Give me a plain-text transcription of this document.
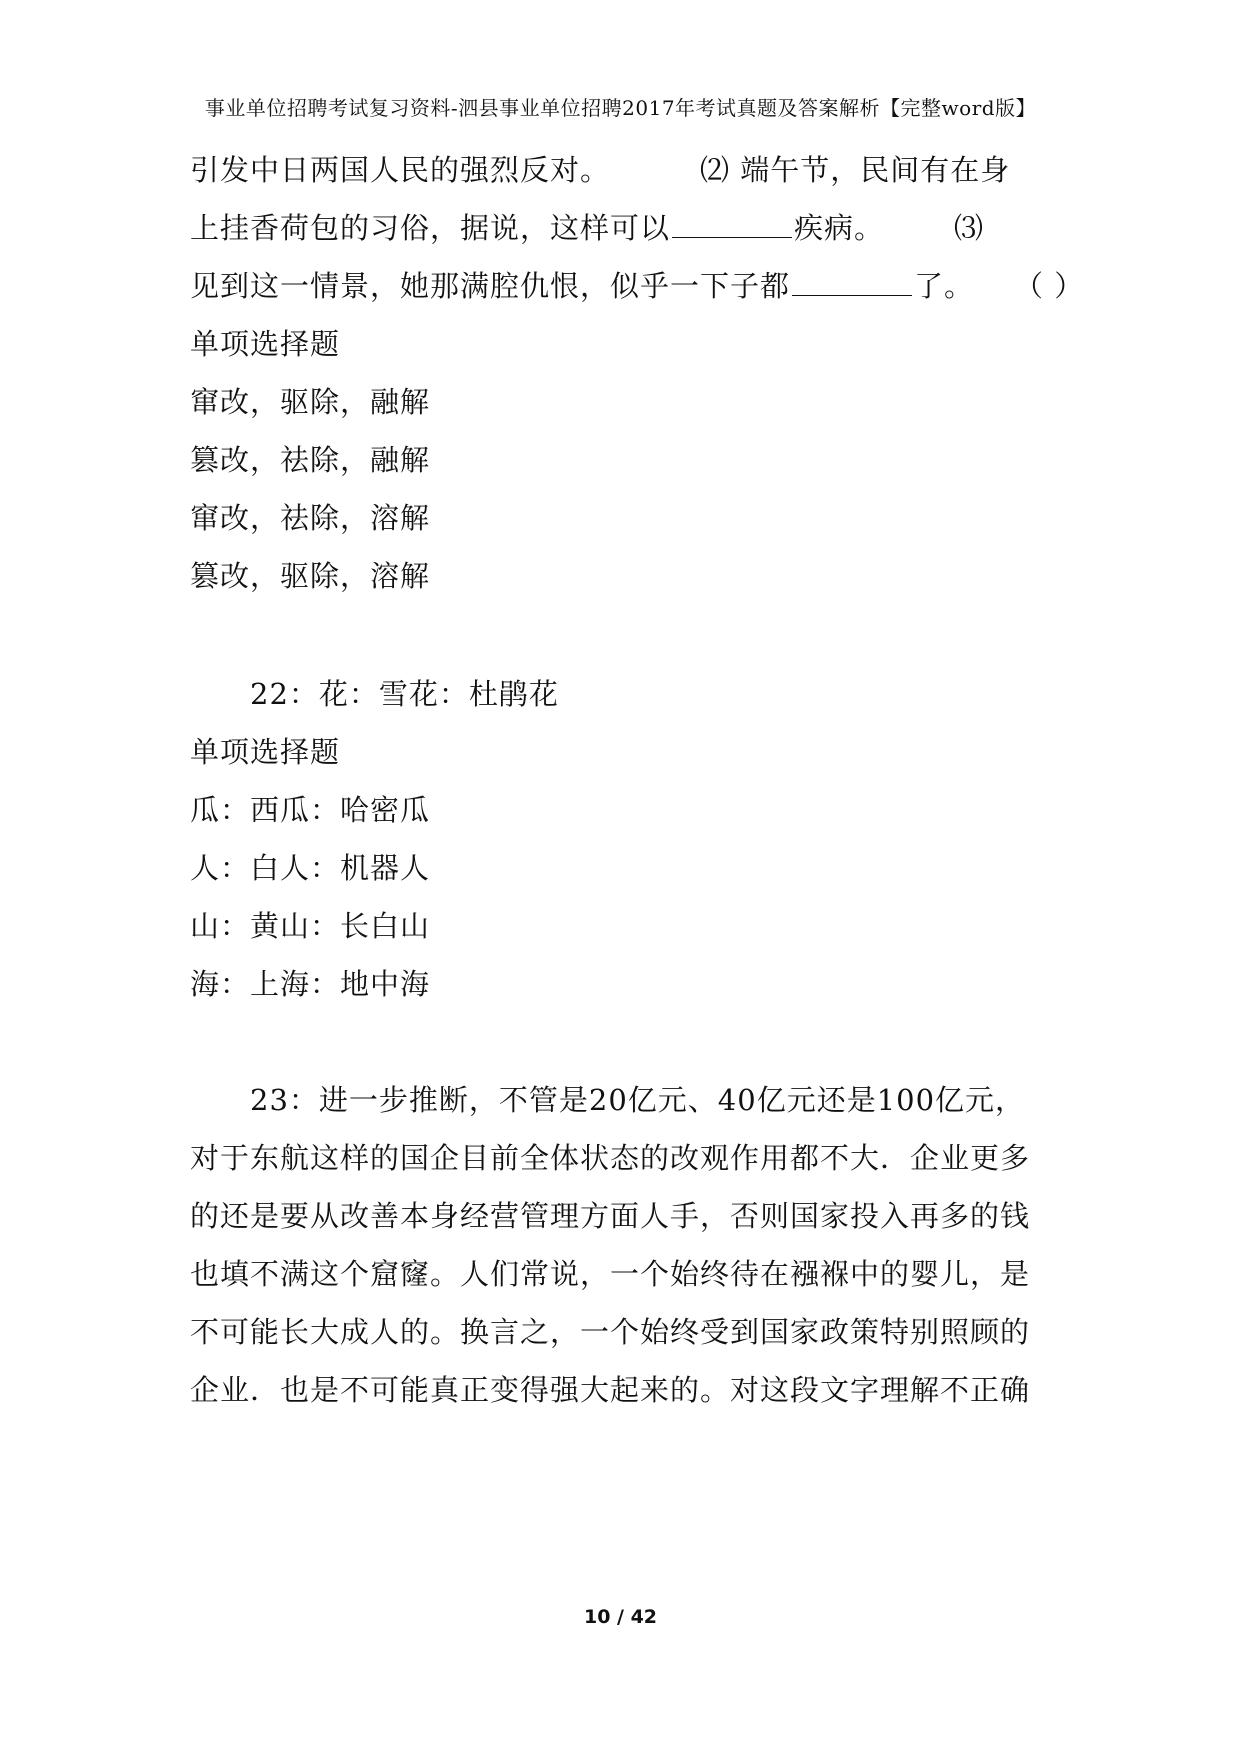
事业单位招聘考试复习资料-泗县事业单位招聘2017年考试真题及答案解析【完整word版】
引发中日两国人民的强烈反对。	⑵ 端午节，民间有在身
上挂香荷包的习俗，据说，这样可以	疾病。 ⑶
见到这一情景，她那满腔仇恨，似乎一下子都	了。 （ ）
单项选择题
窜改，驱除，融解
篡改，祛除，融解
窜改，祛除，溶解
篡改，驱除，溶解
22：花：雪花：杜鹃花
单项选择题
瓜：西瓜：哈密瓜
人：白人：机器人
山：黄山：长白山
海：上海：地中海
23：进一步推断，不管是20亿元、40亿元还是100亿元，
对于东航这样的国企目前全体状态的改观作用都不大．企业更多
的还是要从改善本身经营管理方面人手，否则国家投入再多的钱
也填不满这个窟窿。人们常说，一个始终待在襁褓中的婴儿，是
不可能长大成人的。换言之，一个始终受到国家政策特别照顾的
企业．也是不可能真正变得强大起来的。对这段文字理解不正确
10 / 42
